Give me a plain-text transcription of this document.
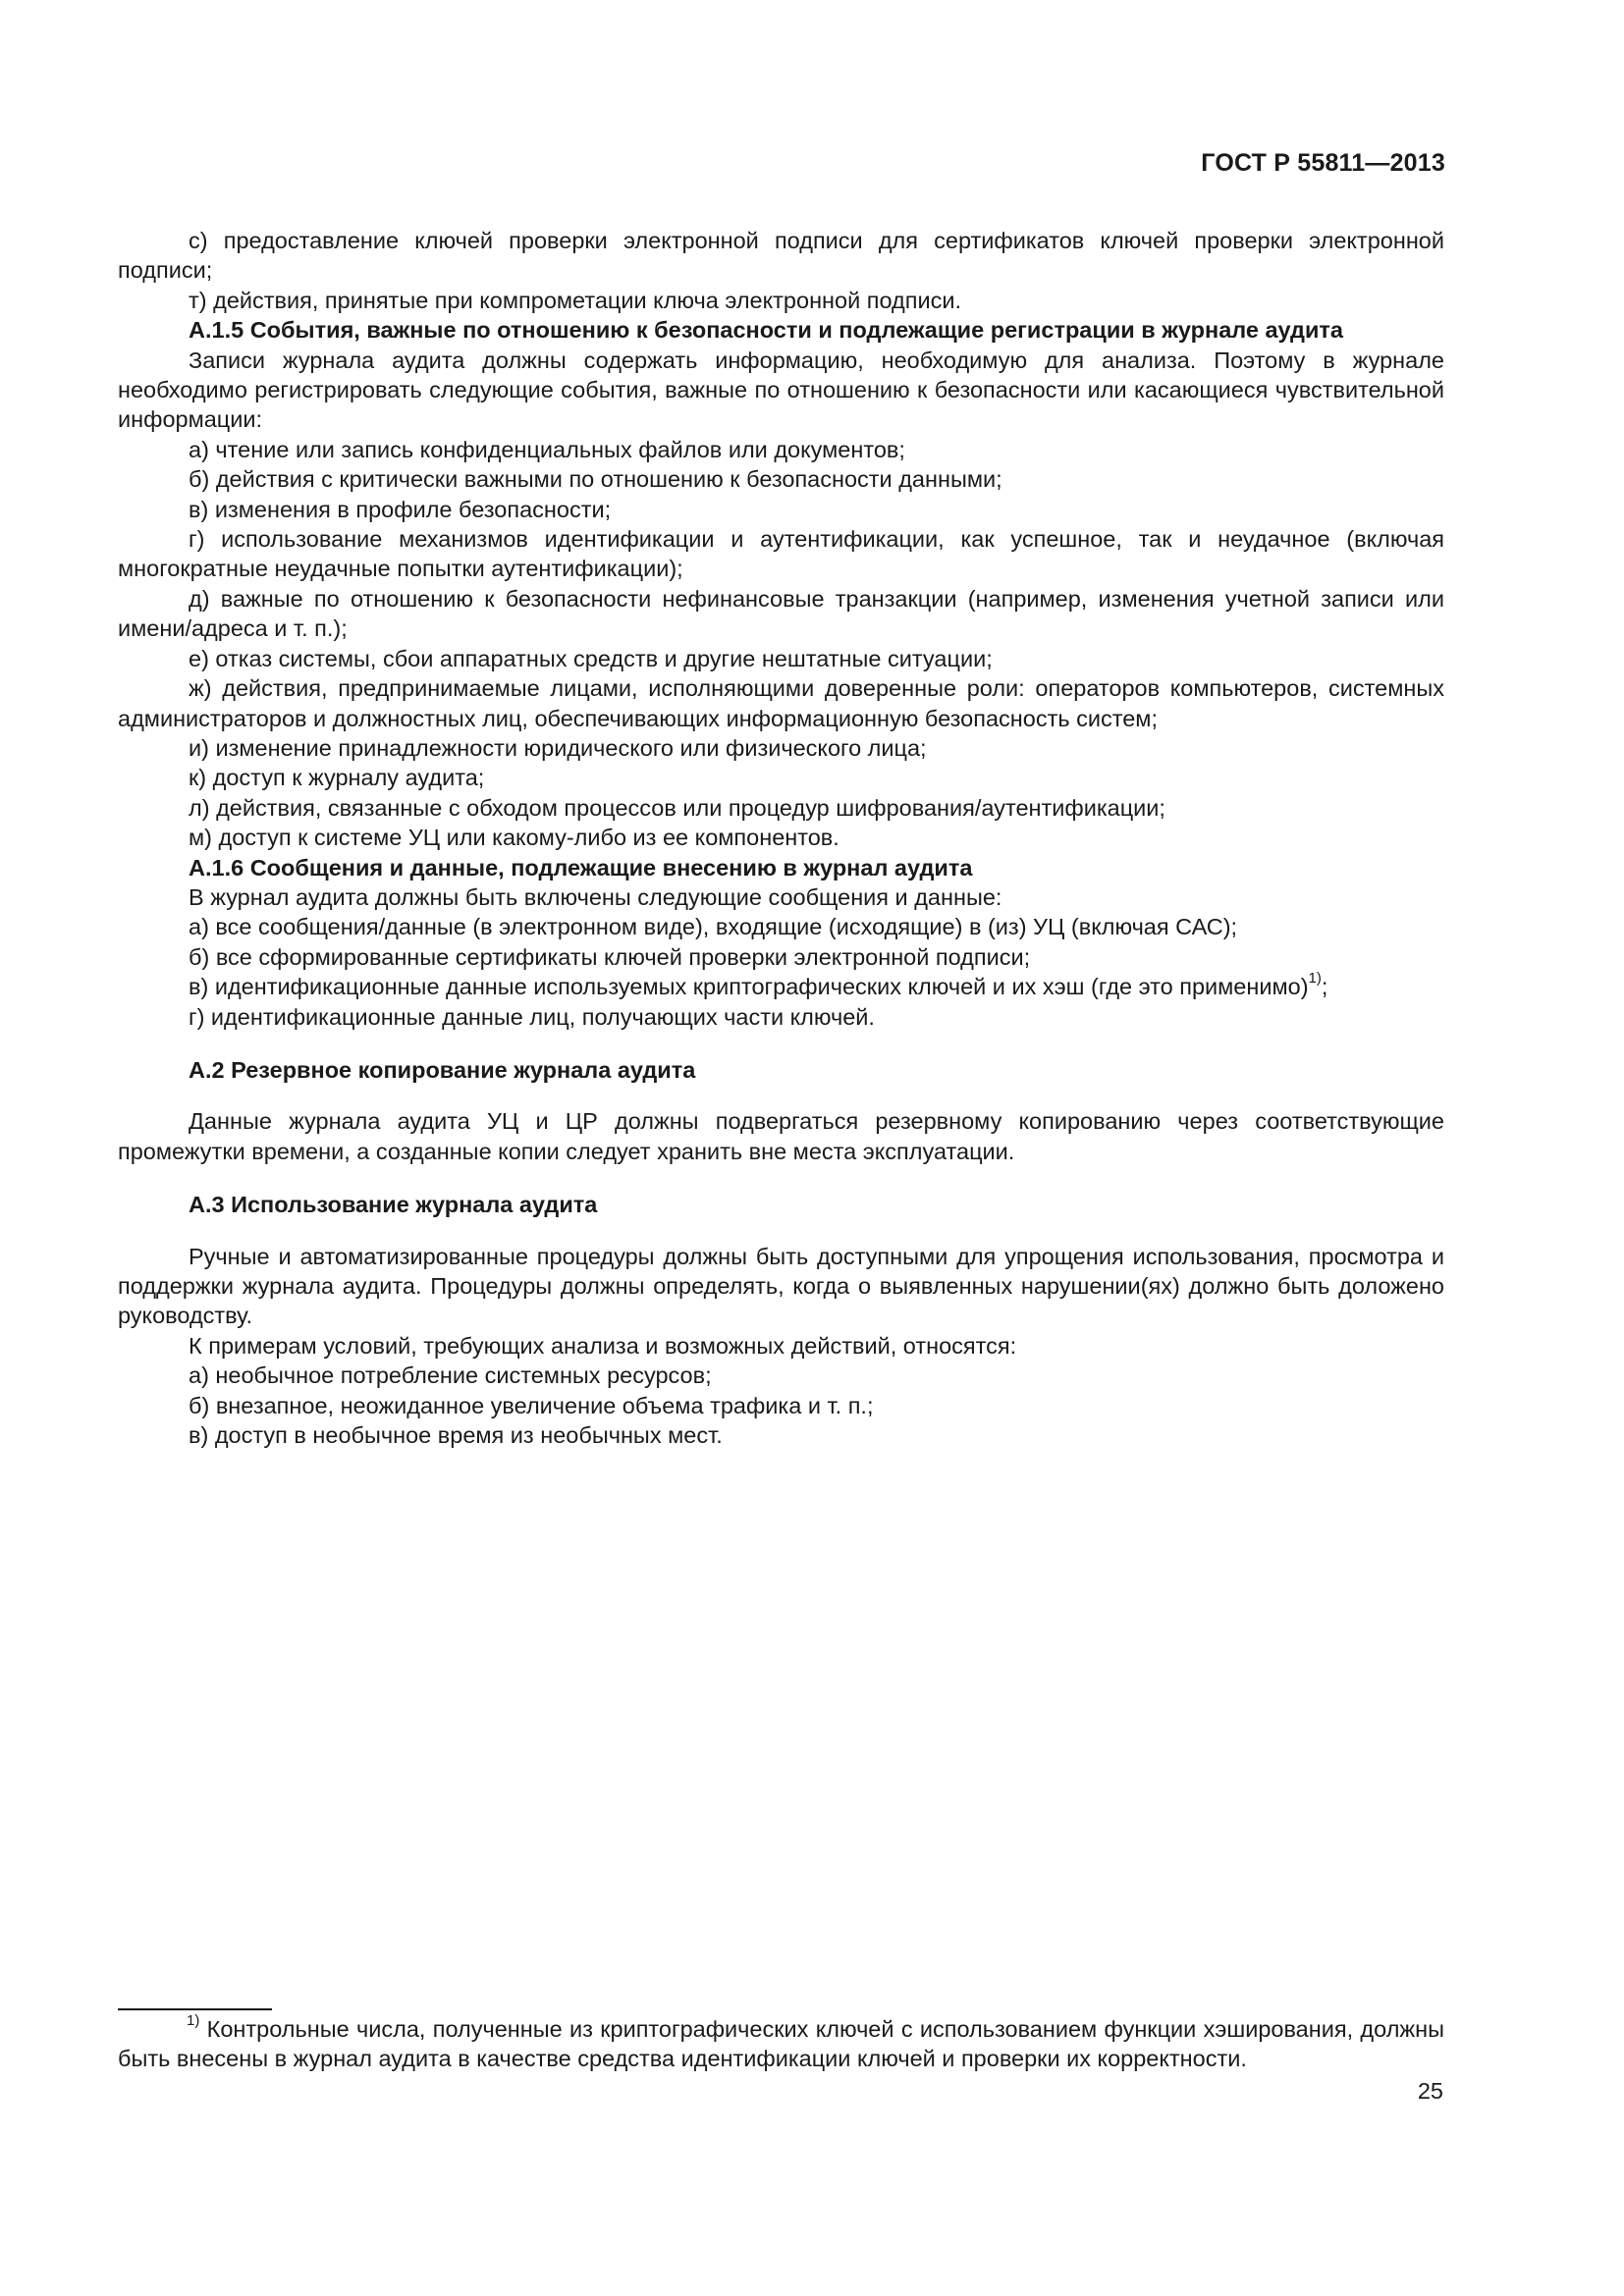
ГОСТ Р 55811—2013

с) предоставление ключей проверки электронной подписи для сертификатов ключей проверки электронной подписи;

т) действия, принятые при компрометации ключа электронной подписи.

А.1.5 События, важные по отношению к безопасности и подлежащие регистрации в журнале аудита

Записи журнала аудита должны содержать информацию, необходимую для анализа. Поэтому в журнале необходимо регистрировать следующие события, важные по отношению к безопасности или касающиеся чувствительной информации:

а) чтение или запись конфиденциальных файлов или документов;

б) действия с критически важными по отношению к безопасности данными;

в) изменения в профиле безопасности;

г) использование механизмов идентификации и аутентификации, как успешное, так и неудачное (включая многократные неудачные попытки аутентификации);

д) важные по отношению к безопасности нефинансовые транзакции (например, изменения учетной записи или имени/адреса и т. п.);

е) отказ системы, сбои аппаратных средств и другие нештатные ситуации;

ж) действия, предпринимаемые лицами, исполняющими доверенные роли: операторов компьютеров, системных администраторов и должностных лиц, обеспечивающих информационную безопасность систем;

и) изменение принадлежности юридического или физического лица;

к) доступ к журналу аудита;

л) действия, связанные с обходом процессов или процедур шифрования/аутентификации;

м) доступ к системе УЦ или какому-либо из ее компонентов.

А.1.6 Сообщения и данные, подлежащие внесению в журнал аудита

В журнал аудита должны быть включены следующие сообщения и данные:

а) все сообщения/данные (в электронном виде), входящие (исходящие) в (из) УЦ (включая САС);

б) все сформированные сертификаты ключей проверки электронной подписи;

в) идентификационные данные используемых криптографических ключей и их хэш (где это применимо)$^{1)}$;

г) идентификационные данные лиц, получающих части ключей.

А.2 Резервное копирование журнала аудита

Данные журнала аудита УЦ и ЦР должны подвергаться резервному копированию через соответствующие промежутки времени, а созданные копии следует хранить вне места эксплуатации.

А.3 Использование журнала аудита

Ручные и автоматизированные процедуры должны быть доступными для упрощения использования, просмотра и поддержки журнала аудита. Процедуры должны определять, когда о выявленных нарушении(ях) должно быть доложено руководству.

К примерам условий, требующих анализа и возможных действий, относятся:

а) необычное потребление системных ресурсов;

б) внезапное, неожиданное увеличение объема трафика и т. п.;

в) доступ в необычное время из необычных мест.

$^{1)}$ Контрольные числа, полученные из криптографических ключей с использованием функции хэширования, должны быть внесены в журнал аудита в качестве средства идентификации ключей и проверки их корректности.

25
